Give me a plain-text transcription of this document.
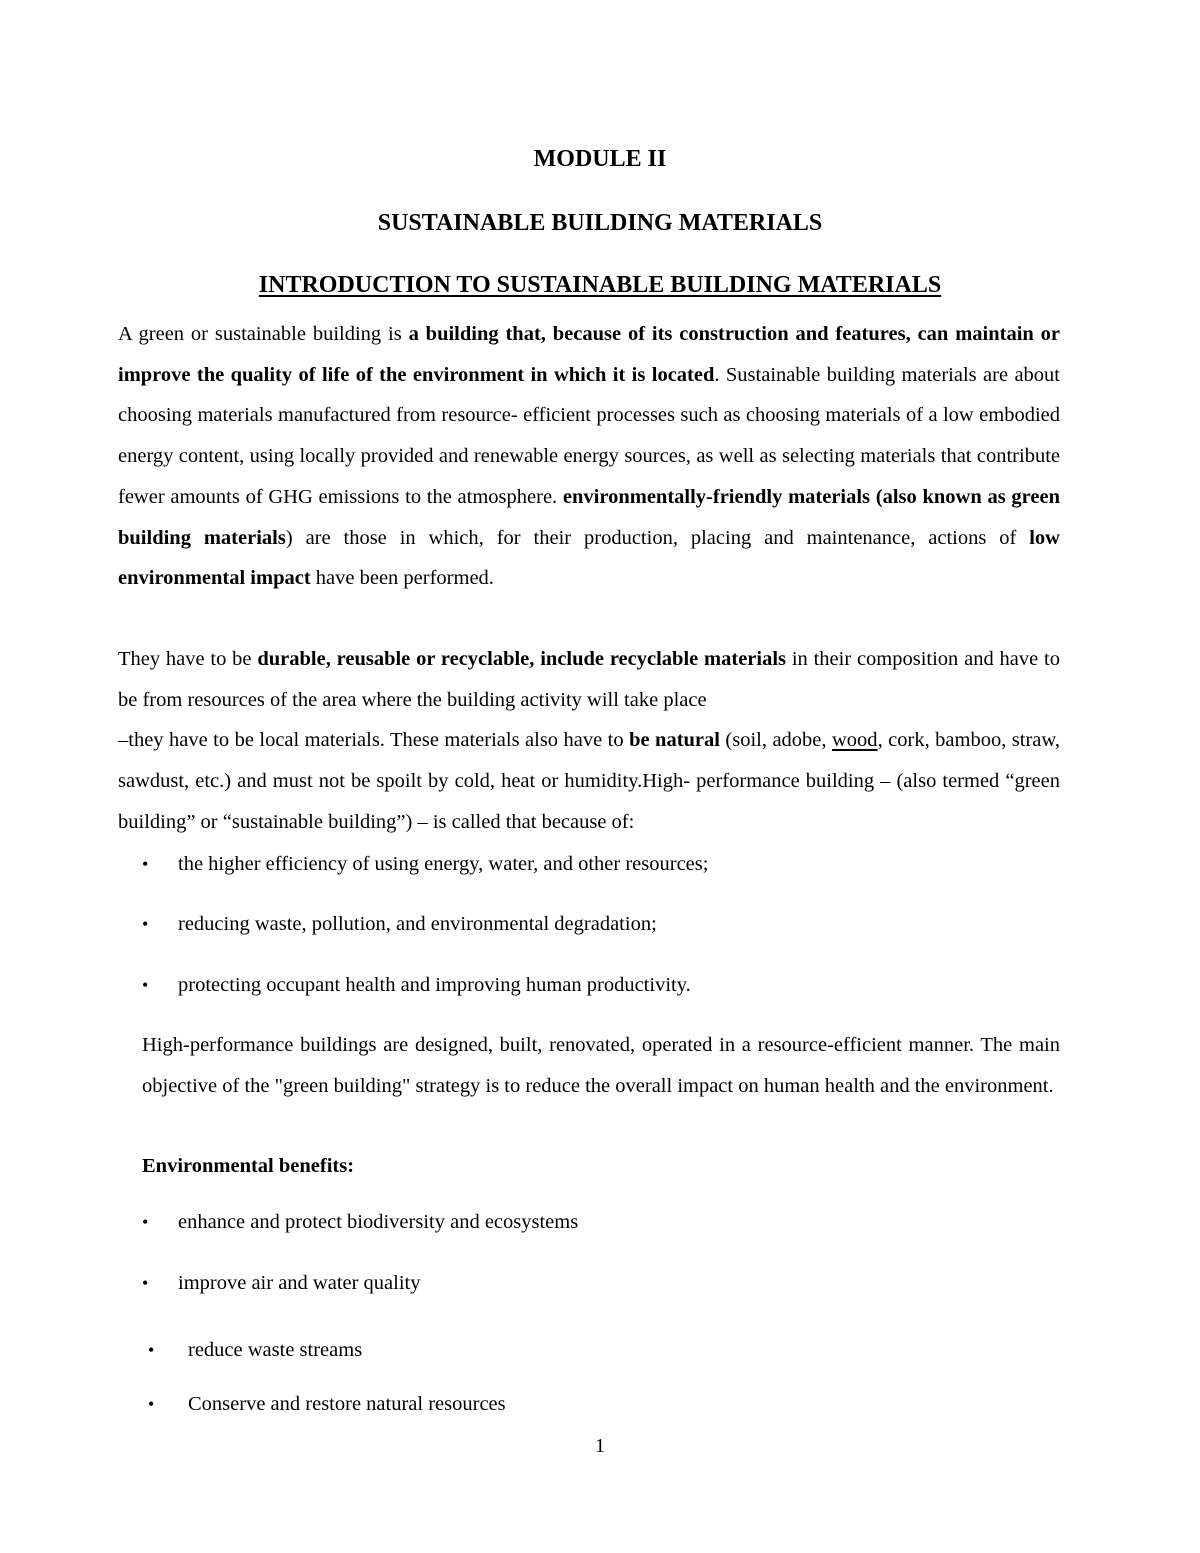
MODULE II
SUSTAINABLE BUILDING MATERIALS
INTRODUCTION TO SUSTAINABLE BUILDING MATERIALS

A green or sustainable building is a building that, because of its construction and features, can maintain or improve the quality of life of the environment in which it is located. Sustainable building materials are about choosing materials manufactured from resource- efficient processes such as choosing materials of a low embodied energy content, using locally provided and renewable energy sources, as well as selecting materials that contribute fewer amounts of GHG emissions to the atmosphere. environmentally-friendly materials (also known as green building materials) are those in which, for their production, placing and maintenance, actions of low environmental impact have been performed.

They have to be durable, reusable or recyclable, include recyclable materials in their composition and have to be from resources of the area where the building activity will take place
–they have to be local materials. These materials also have to be natural (soil, adobe, wood, cork, bamboo, straw, sawdust, etc.) and must not be spoilt by cold, heat or humidity.High- performance building – (also termed “green building” or “sustainable building”) – is called that because of:

• the higher efficiency of using energy, water, and other resources;
• reducing waste, pollution, and environmental degradation;
• protecting occupant health and improving human productivity.

High-performance buildings are designed, built, renovated, operated in a resource-efficient manner. The main objective of the "green building" strategy is to reduce the overall impact on human health and the environment.

Environmental benefits:

• enhance and protect biodiversity and ecosystems
• improve air and water quality
• reduce waste streams
• Conserve and restore natural resources

1
